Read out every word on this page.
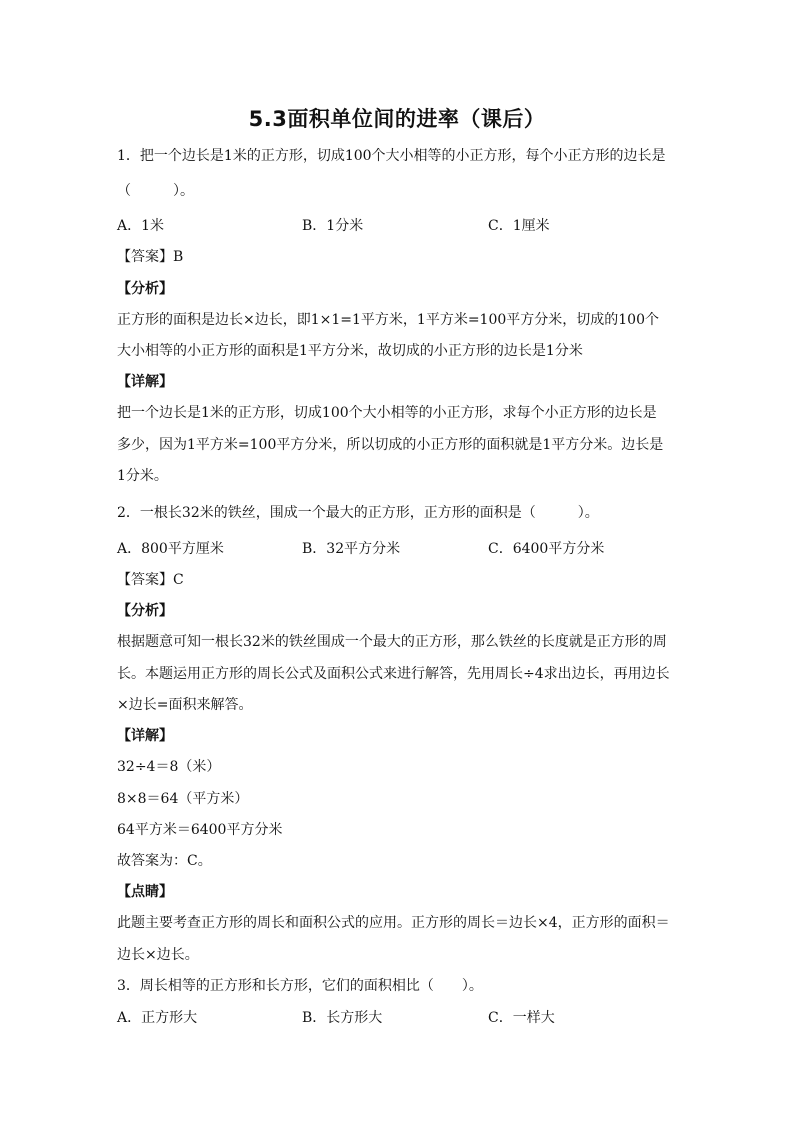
5.3面积单位间的进率（课后）
1．把一个边长是1米的正方形，切成100个大小相等的小正方形，每个小正方形的边长是
（　　　）。
A．1米	B．1分米	C．1厘米
【答案】B
【分析】
正方形的面积是边长×边长，即1×1=1平方米，1平方米=100平方分米，切成的100个
大小相等的小正方形的面积是1平方分米，故切成的小正方形的边长是1分米
【详解】
把一个边长是1米的正方形，切成100个大小相等的小正方形，求每个小正方形的边长是
多少，因为1平方米=100平方分米，所以切成的小正方形的面积就是1平方分米。边长是
1分米。
2．一根长32米的铁丝，围成一个最大的正方形，正方形的面积是（　　　）。
A．800平方厘米	B．32平方分米	C．6400平方分米
【答案】C
【分析】
根据题意可知一根长32米的铁丝围成一个最大的正方形，那么铁丝的长度就是正方形的周
长。本题运用正方形的周长公式及面积公式来进行解答，先用周长÷4求出边长，再用边长
×边长=面积来解答。
【详解】
32÷4＝8（米）
8×8＝64（平方米）
64平方米＝6400平方分米
故答案为：C。
【点睛】
此题主要考查正方形的周长和面积公式的应用。正方形的周长＝边长×4，正方形的面积＝
边长×边长。
3．周长相等的正方形和长方形，它们的面积相比（　　）。
A．正方形大	B．长方形大	C．一样大
